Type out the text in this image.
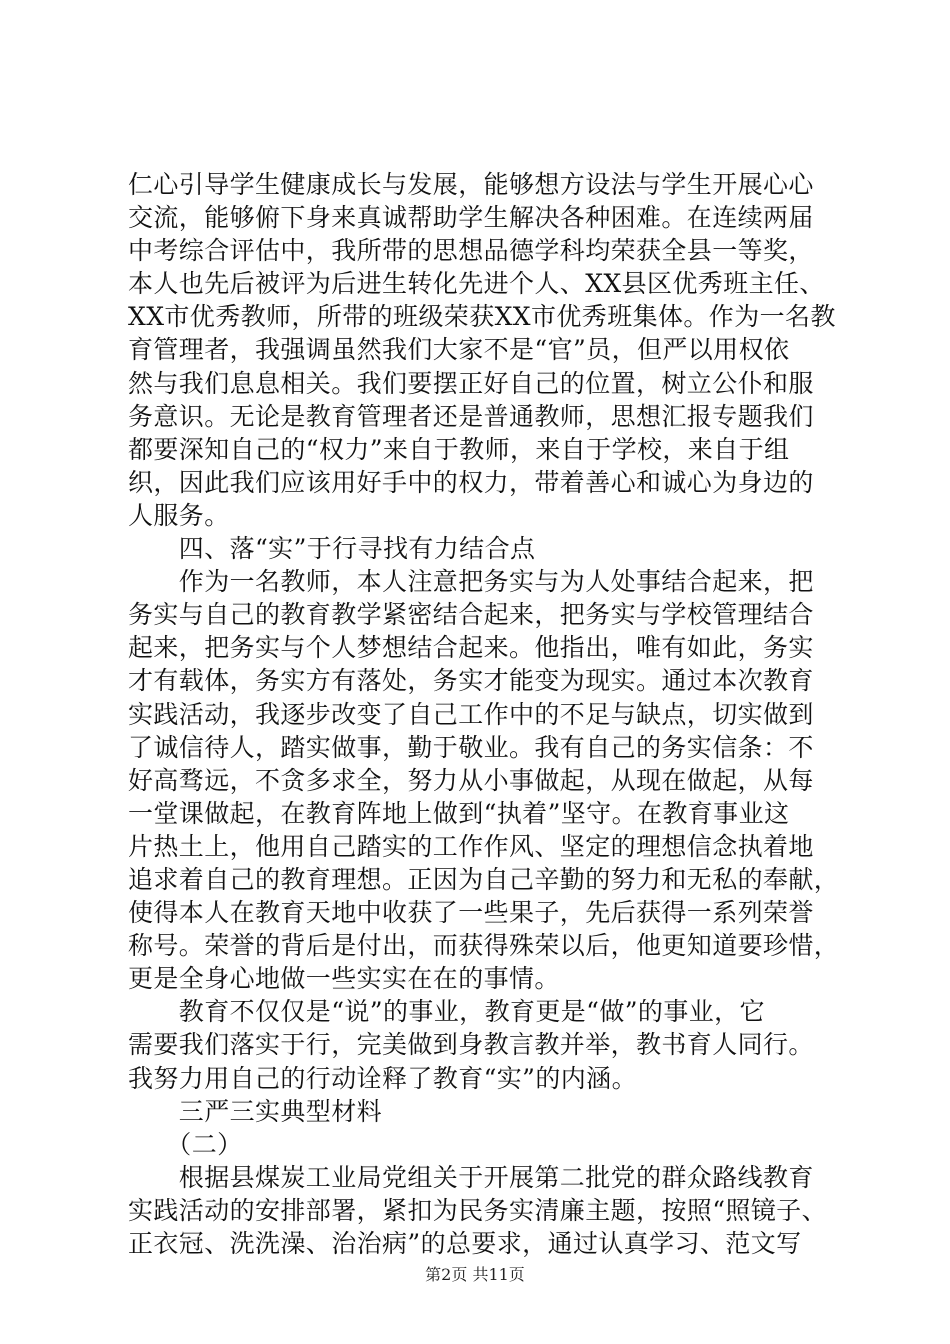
仁心引导学生健康成长与发展，能够想方设法与学生开展心心
交流，能够俯下身来真诚帮助学生解决各种困难。在连续两届
中考综合评估中，我所带的思想品德学科均荣获全县一等奖，
本人也先后被评为后进生转化先进个人、XX县区优秀班主任、
XX市优秀教师，所带的班级荣获XX市优秀班集体。作为一名教
育管理者，我强调虽然我们大家不是“官”员，但严以用权依
然与我们息息相关。我们要摆正好自己的位置，树立公仆和服
务意识。无论是教育管理者还是普通教师，思想汇报专题我们
都要深知自己的“权力”来自于教师，来自于学校，来自于组
织，因此我们应该用好手中的权力，带着善心和诚心为身边的
人服务。
　　四、落“实”于行寻找有力结合点
　　作为一名教师，本人注意把务实与为人处事结合起来，把
务实与自己的教育教学紧密结合起来，把务实与学校管理结合
起来，把务实与个人梦想结合起来。他指出，唯有如此，务实
才有载体，务实方有落处，务实才能变为现实。通过本次教育
实践活动，我逐步改变了自己工作中的不足与缺点，切实做到
了诚信待人，踏实做事，勤于敬业。我有自己的务实信条：不
好高骛远，不贪多求全，努力从小事做起，从现在做起，从每
一堂课做起，在教育阵地上做到“执着”坚守。在教育事业这
片热土上，他用自己踏实的工作作风、坚定的理想信念执着地
追求着自己的教育理想。正因为自己辛勤的努力和无私的奉献，
使得本人在教育天地中收获了一些果子，先后获得一系列荣誉
称号。荣誉的背后是付出，而获得殊荣以后，他更知道要珍惜，
更是全身心地做一些实实在在的事情。
　　教育不仅仅是“说”的事业，教育更是“做”的事业，它
需要我们落实于行，完美做到身教言教并举，教书育人同行。
我努力用自己的行动诠释了教育“实”的内涵。
　　三严三实典型材料
　　（二）
　　根据县煤炭工业局党组关于开展第二批党的群众路线教育
实践活动的安排部署，紧扣为民务实清廉主题，按照“照镜子、
正衣冠、洗洗澡、治治病”的总要求，通过认真学习、范文写
第2页 共11页
